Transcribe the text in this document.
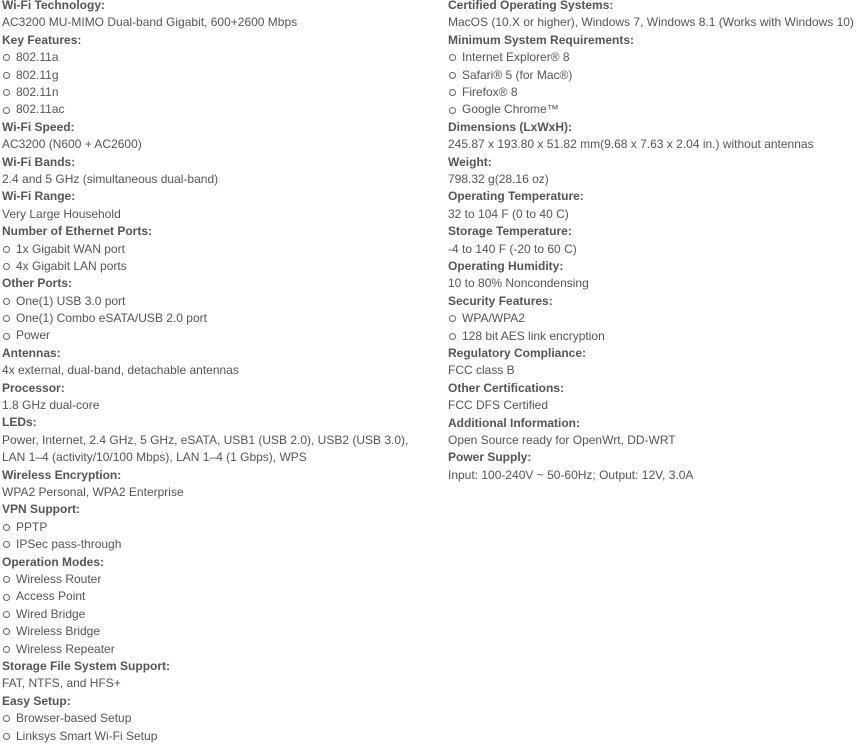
Wi-Fi Technology:
AC3200 MU-MIMO Dual-band Gigabit, 600+2600 Mbps
Key Features:
802.11a
802.11g
802.11n
802.11ac
Wi-Fi Speed:
AC3200 (N600 + AC2600)
Wi-Fi Bands:
2.4 and 5 GHz (simultaneous dual-band)
Wi-Fi Range:
Very Large Household
Number of Ethernet Ports:
1x Gigabit WAN port
4x Gigabit LAN ports
Other Ports:
One(1) USB 3.0 port
One(1) Combo eSATA/USB 2.0 port
Power
Antennas:
4x external, dual-band, detachable antennas
Processor:
1.8 GHz dual-core
LEDs:
Power, Internet, 2.4 GHz, 5 GHz, eSATA, USB1 (USB 2.0), USB2 (USB 3.0), LAN 1–4 (activity/10/100 Mbps), LAN 1–4 (1 Gbps), WPS
Wireless Encryption:
WPA2 Personal, WPA2 Enterprise
VPN Support:
PPTP
IPSec pass-through
Operation Modes:
Wireless Router
Access Point
Wired Bridge
Wireless Bridge
Wireless Repeater
Storage File System Support:
FAT, NTFS, and HFS+
Easy Setup:
Browser-based Setup
Linksys Smart Wi-Fi Setup
Certified Operating Systems:
MacOS (10.X or higher), Windows 7, Windows 8.1 (Works with Windows 10)
Minimum System Requirements:
Internet Explorer® 8
Safari® 5 (for Mac®)
Firefox® 8
Google Chrome™
Dimensions (LxWxH):
245.87 x 193.80 x 51.82 mm(9.68 x 7.63 x 2.04 in.) without antennas
Weight:
798.32 g(28.16 oz)
Operating Temperature:
32 to 104 F (0 to 40 C)
Storage Temperature:
-4 to 140 F (-20 to 60 C)
Operating Humidity:
10 to 80% Noncondensing
Security Features:
WPA/WPA2
128 bit AES link encryption
Regulatory Compliance:
FCC class B
Other Certifications:
FCC DFS Certified
Additional Information:
Open Source ready for OpenWrt, DD-WRT
Power Supply:
Input: 100-240V ~ 50-60Hz; Output: 12V, 3.0A
